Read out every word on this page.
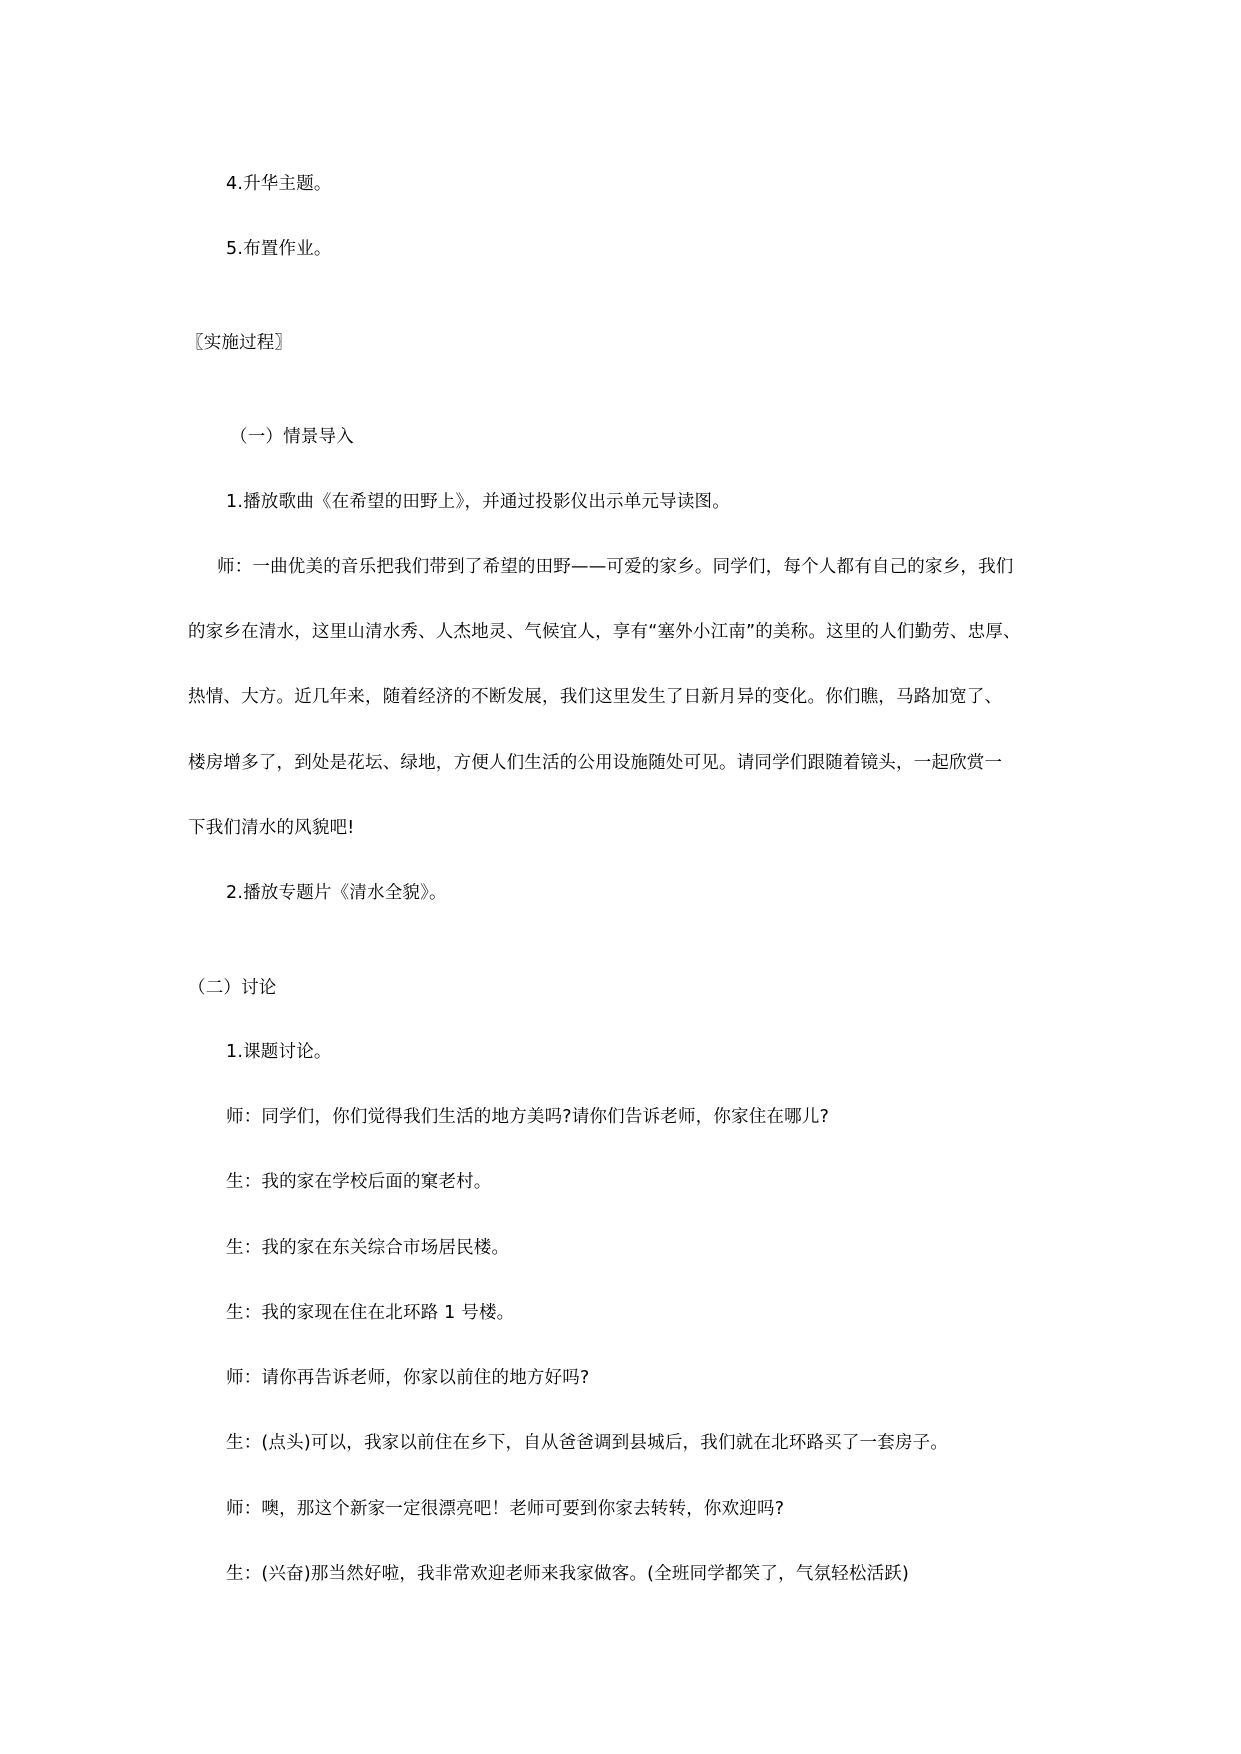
4.升华主题。
5.布置作业。
〖实施过程〗
（一）情景导入
1.播放歌曲《在希望的田野上》，并通过投影仪出示单元导读图。
师：一曲优美的音乐把我们带到了希望的田野——可爱的家乡。同学们，每个人都有自己的家乡，我们
的家乡在清水，这里山清水秀、人杰地灵、气候宜人，享有“塞外小江南”的美称。这里的人们勤劳、忠厚、
热情、大方。近几年来，随着经济的不断发展，我们这里发生了日新月异的变化。你们瞧，马路加宽了、
楼房增多了，到处是花坛、绿地，方便人们生活的公用设施随处可见。请同学们跟随着镜头，一起欣赏一
下我们清水的风貌吧!
2.播放专题片《清水全貌》。
（二）讨论
1.课题讨论。
师：同学们，你们觉得我们生活的地方美吗?请你们告诉老师，你家住在哪儿?
生：我的家在学校后面的窠老村。
生：我的家在东关综合市场居民楼。
生：我的家现在住在北环路 1 号楼。
师：请你再告诉老师，你家以前住的地方好吗?
生：(点头)可以，我家以前住在乡下，自从爸爸调到县城后，我们就在北环路买了一套房子。
师：噢，那这个新家一定很漂亮吧！老师可要到你家去转转，你欢迎吗?
生：(兴奋)那当然好啦，我非常欢迎老师来我家做客。(全班同学都笑了，气氛轻松活跃)
